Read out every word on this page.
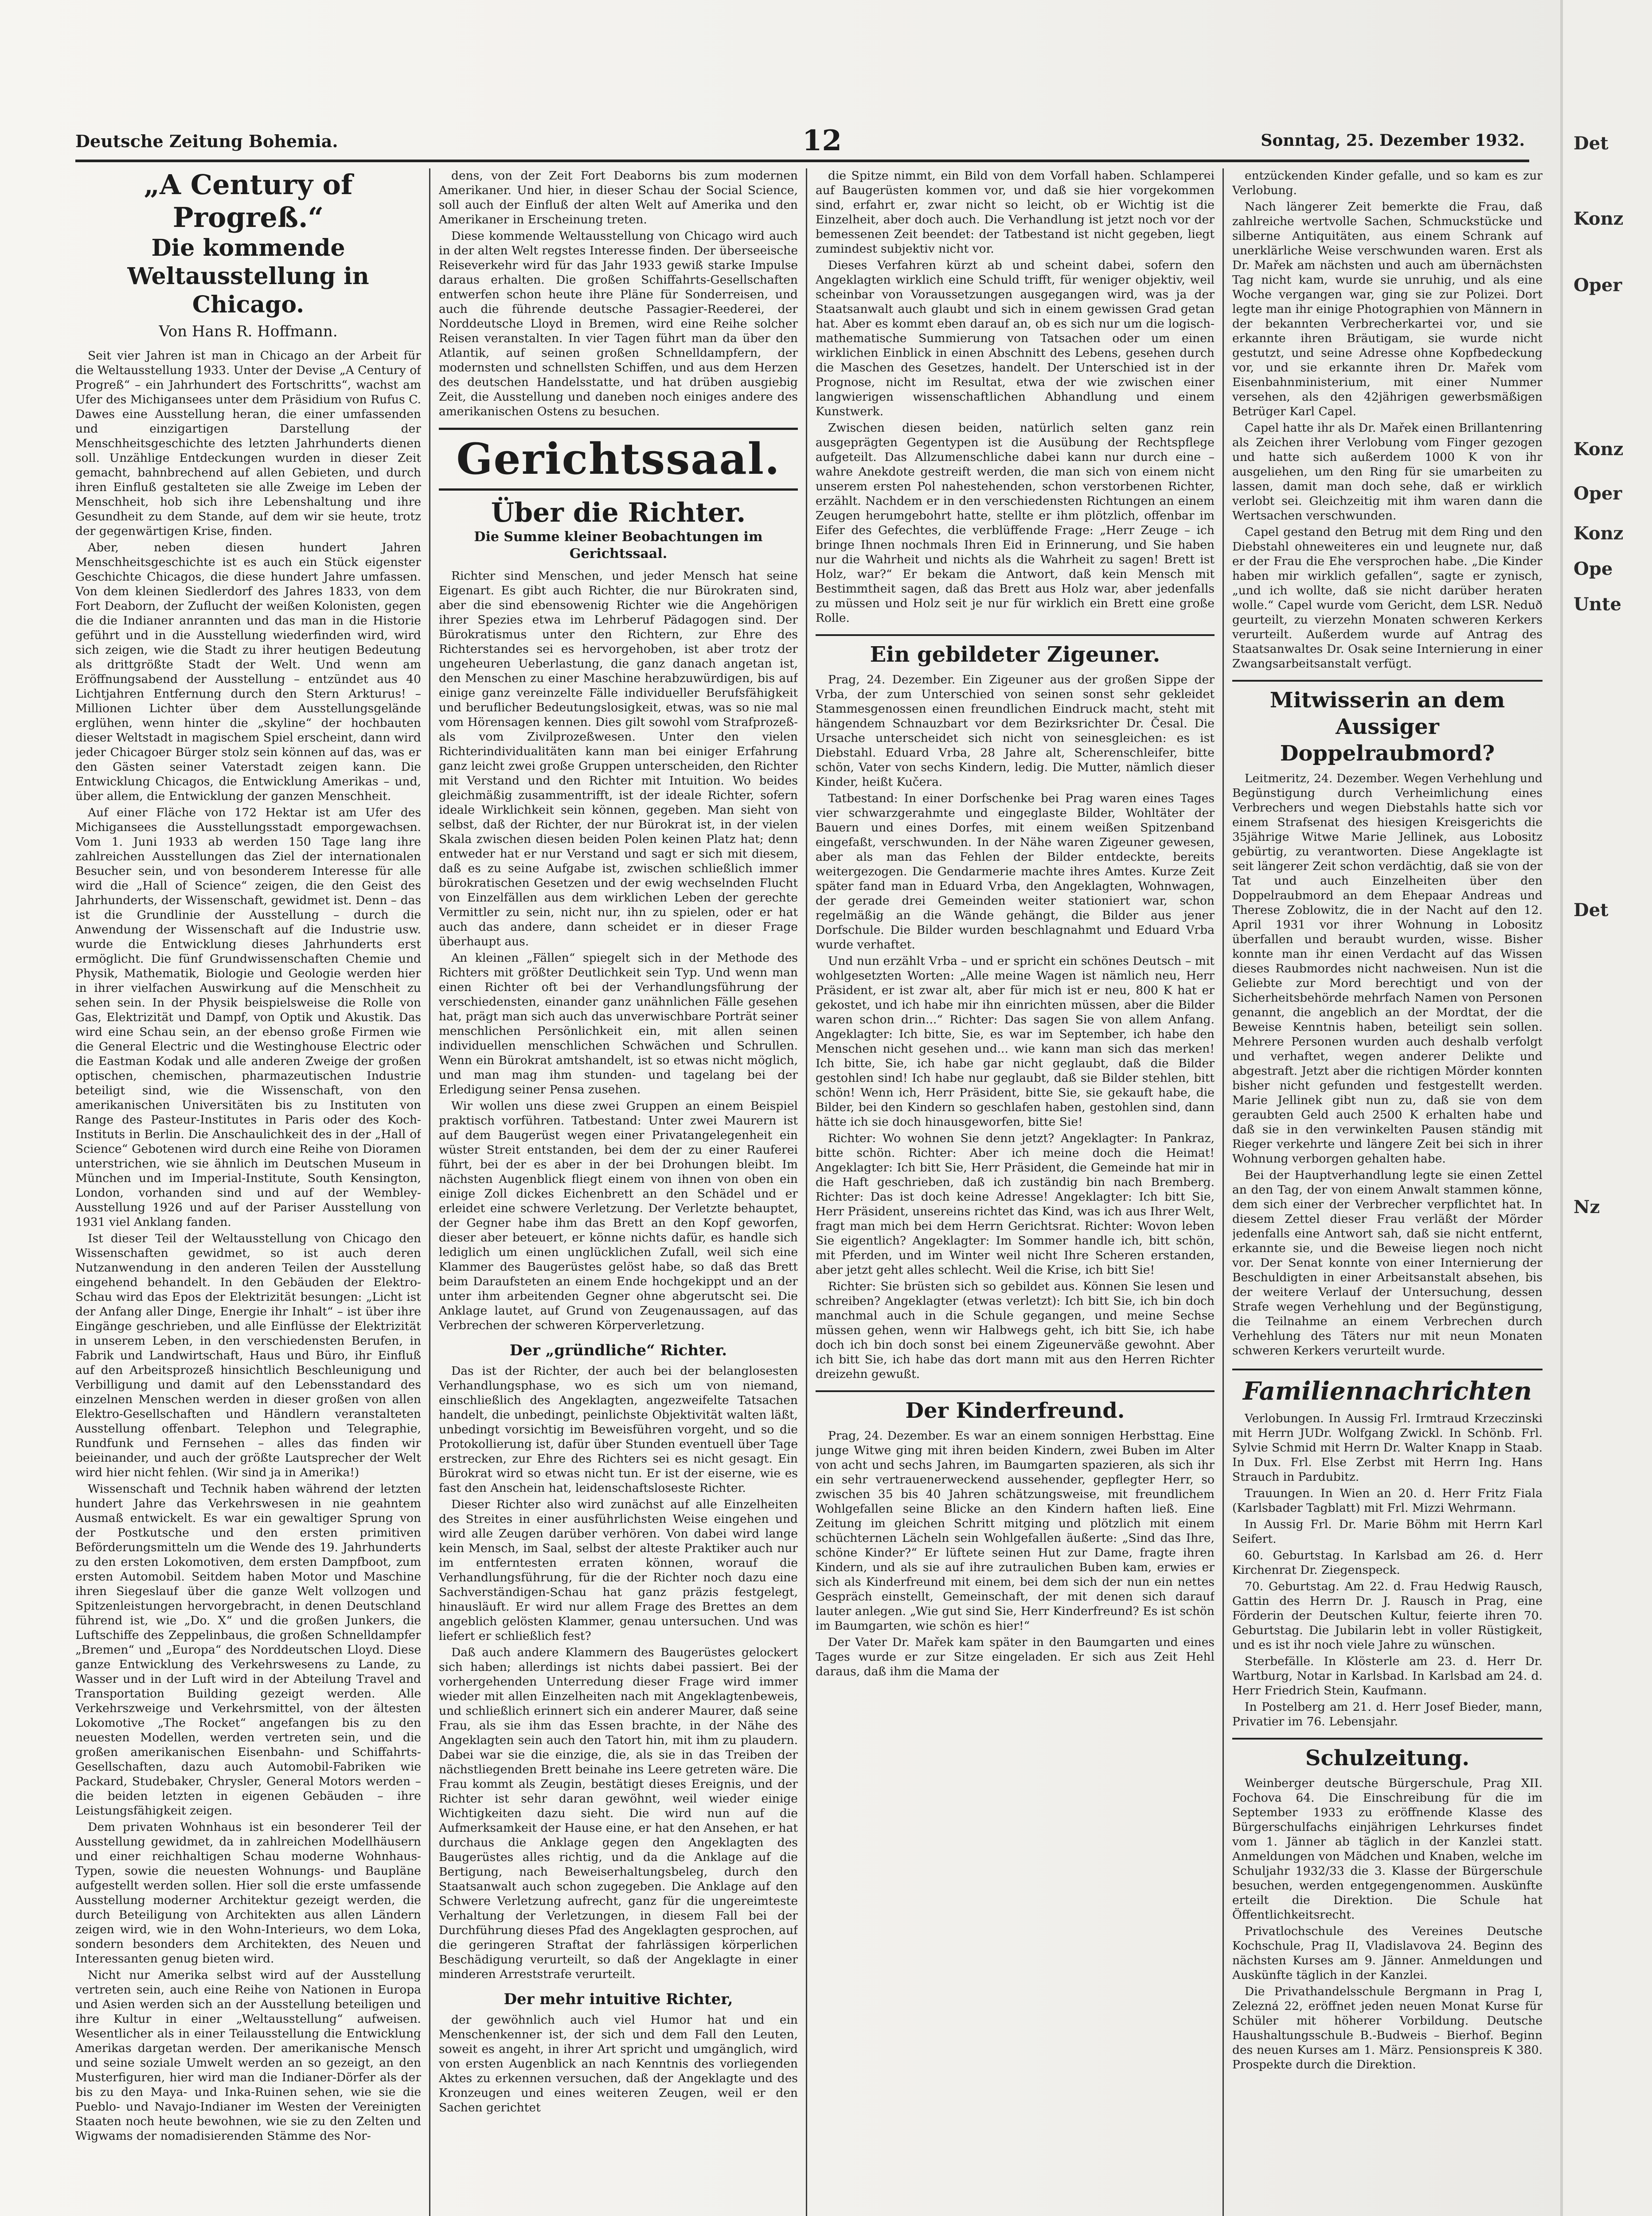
Deutsche Zeitung Bohemia.	12	Sonntag, 25. Dezember 1932.
„A Century of Progreß.“
Die kommende Weltausstellung in Chicago.
Von Hans R. Hoffmann.

Seit vier Jahren ist man in Chicago an der Arbeit für die Weltausstellung 1933. Unter der Devise „A Century of Progreß“ – ein Jahrhundert des Fortschritts“, wachst am Ufer des Michigansees unter dem Präsidium von Rufus C. Dawes eine Ausstellung heran, die einer umfassenden und einzigartigen Darstellung der Menschheitsgeschichte des letzten Jahrhunderts dienen soll. Unzählige Entdeckungen wurden in dieser Zeit gemacht, bahnbrechend auf allen Gebieten, und durch ihren Einfluß gestalteten sie alle Zweige im Leben der Menschheit, hob sich ihre Lebenshaltung und ihre Gesundheit zu dem Stande, auf dem wir sie heute, trotz der gegenwärtigen Krise, finden.

Aber, neben diesen hundert Jahren Menschheitsgeschichte ist es auch ein Stück eigenster Geschichte Chicagos, die diese hundert Jahre umfassen. Von dem kleinen Siedlerdorf des Jahres 1833, von dem Fort Deaborn, der Zuflucht der weißen Kolonisten, gegen die die Indianer anrannten und das man in die Historie geführt und in die Ausstellung wiederfinden wird, wird sich zeigen, wie die Stadt zu ihrer heutigen Bedeutung als drittgrößte Stadt der Welt. Und wenn am Eröffnungsabend der Ausstellung – entzündet aus 40 Lichtjahren Entfernung durch den Stern Arkturus! – Millionen Lichter über dem Ausstellungsgelände erglühen, wenn hinter die „skyline“ der hochbauten dieser Weltstadt in magischem Spiel erscheint, dann wird jeder Chicagoer Bürger stolz sein können auf das, was er den Gästen seiner Vaterstadt zeigen kann. Die Entwicklung Chicagos, die Entwicklung Amerikas – und, über allem, die Entwicklung der ganzen Menschheit.

Auf einer Fläche von 172 Hektar ist am Ufer des Michigansees die Ausstellungsstadt emporgewachsen. Vom 1. Juni 1933 ab werden 150 Tage lang ihre zahlreichen Ausstellungen das Ziel der internationalen Besucher sein, und von besonderem Interesse für alle wird die „Hall of Science“ zeigen, die den Geist des Jahrhunderts, der Wissenschaft, gewidmet ist. Denn – das ist die Grundlinie der Ausstellung – durch die Anwendung der Wissenschaft auf die Industrie usw. wurde die Entwicklung dieses Jahrhunderts erst ermöglicht. Die fünf Grundwissenschaften Chemie und Physik, Mathematik, Biologie und Geologie werden hier in ihrer vielfachen Auswirkung auf die Menschheit zu sehen sein. In der Physik beispielsweise die Rolle von Gas, Elektrizität und Dampf, von Optik und Akustik. Das wird eine Schau sein, an der ebenso große Firmen wie die General Electric und die Westinghouse Electric oder die Eastman Kodak und alle anderen Zweige der großen optischen, chemischen, pharmazeutischen Industrie beteiligt sind, wie die Wissenschaft, von den amerikanischen Universitäten bis zu Instituten von Range des Pasteur-Institutes in Paris oder des Koch-Instituts in Berlin. Die Anschaulichkeit des in der „Hall of Science“ Gebotenen wird durch eine Reihe von Dioramen unterstrichen, wie sie ähnlich im Deutschen Museum in München und im Imperial-Institute, South Kensington, London, vorhanden sind und auf der Wembley-Ausstellung 1926 und auf der Pariser Ausstellung von 1931 viel Anklang fanden.

Ist dieser Teil der Weltausstellung von Chicago den Wissenschaften gewidmet, so ist auch deren Nutzanwendung in den anderen Teilen der Ausstellung eingehend behandelt. In den Gebäuden der Elektro-Schau wird das Epos der Elektrizität besungen: „Licht ist der Anfang aller Dinge, Energie ihr Inhalt“ – ist über ihre Eingänge geschrieben, und alle Einflüsse der Elektrizität in unserem Leben, in den verschiedensten Berufen, in Fabrik und Landwirtschaft, Haus und Büro, ihr Einfluß auf den Arbeitsprozeß hinsichtlich Beschleunigung und Verbilligung und damit auf den Lebensstandard des einzelnen Menschen werden in dieser großen von allen Elektro-Gesellschaften und Händlern veranstalteten Ausstellung offenbart. Telephon und Telegraphie, Rundfunk und Fernsehen – alles das finden wir beieinander, und auch der größte Lautsprecher der Welt wird hier nicht fehlen. (Wir sind ja in Amerika!)

Wissenschaft und Technik haben während der letzten hundert Jahre das Verkehrswesen in nie geahntem Ausmaß entwickelt. Es war ein gewaltiger Sprung von der Postkutsche und den ersten primitiven Beförderungsmitteln um die Wende des 19. Jahrhunderts zu den ersten Lokomotiven, dem ersten Dampfboot, zum ersten Automobil. Seitdem haben Motor und Maschine ihren Siegeslauf über die ganze Welt vollzogen und Spitzenleistungen hervorgebracht, in denen Deutschland führend ist, wie „Do. X“ und die großen Junkers, die Luftschiffe des Zeppelinbaus, die großen Schnelldampfer „Bremen“ und „Europa“ des Norddeutschen Lloyd. Diese ganze Entwicklung des Verkehrswesens zu Lande, zu Wasser und in der Luft wird in der Abteilung Travel and Transportation Building gezeigt werden. Alle Verkehrszweige und Verkehrsmittel, von der ältesten Lokomotive „The Rocket“ angefangen bis zu den neuesten Modellen, werden vertreten sein, und die großen amerikanischen Eisenbahn- und Schiffahrts-Gesellschaften, dazu auch Automobil-Fabriken wie Packard, Studebaker, Chrysler, General Motors werden – die beiden letzten in eigenen Gebäuden – ihre Leistungsfähigkeit zeigen.

Dem privaten Wohnhaus ist ein besonderer Teil der Ausstellung gewidmet, da in zahlreichen Modellhäusern und einer reichhaltigen Schau moderne Wohnhaus-Typen, sowie die neuesten Wohnungs- und Baupläne aufgestellt werden sollen. Hier soll die erste umfassende Ausstellung moderner Architektur gezeigt werden, die durch Beteiligung von Architekten aus allen Ländern zeigen wird, wie in den Wohn-Interieurs, wo dem Loka, sondern besonders dem Architekten, des Neuen und Interessanten genug bieten wird.

Nicht nur Amerika selbst wird auf der Ausstellung vertreten sein, auch eine Reihe von Nationen in Europa und Asien werden sich an der Ausstellung beteiligen und ihre Kultur in einer „Weltausstellung“ aufweisen. Wesentlicher als in einer Teilausstellung die Entwicklung Amerikas dargetan werden. Der amerikanische Mensch und seine soziale Umwelt werden an so gezeigt, an den Musterfiguren, hier wird man die Indianer-Dörfer als der bis zu den Maya- und Inka-Ruinen sehen, wie sie die Pueblo- und Navajo-Indianer im Westen der Vereinigten Staaten noch heute bewohnen, wie sie zu den Zelten und Wigwams der nomadisierenden Stämme des Nor-

dens, von der Zeit Fort Deaborns bis zum modernen Amerikaner. Und hier, in dieser Schau der Social Science, soll auch der Einfluß der alten Welt auf Amerika und den Amerikaner in Erscheinung treten.

Diese kommende Weltausstellung von Chicago wird auch in der alten Welt regstes Interesse finden. Der überseeische Reiseverkehr wird für das Jahr 1933 gewiß starke Impulse daraus erhalten. Die großen Schiffahrts-Gesellschaften entwerfen schon heute ihre Pläne für Sonderreisen, und auch die führende deutsche Passagier-Reederei, der Norddeutsche Lloyd in Bremen, wird eine Reihe solcher Reisen veranstalten. In vier Tagen führt man da über den Atlantik, auf seinen großen Schnelldampfern, der modernsten und schnellsten Schiffen, und aus dem Herzen des deutschen Handelsstatte, und hat drüben ausgiebig Zeit, die Ausstellung und daneben noch einiges andere des amerikanischen Ostens zu besuchen.

Gerichtssaal.
Über die Richter.
Die Summe kleiner Beobachtungen im Gerichtssaal.

Richter sind Menschen, und jeder Mensch hat seine Eigenart. Es gibt auch Richter, die nur Bürokraten sind, aber die sind ebensowenig Richter wie die Angehörigen ihrer Spezies etwa im Lehrberuf Pädagogen sind. Der Bürokratismus unter den Richtern, zur Ehre des Richterstandes sei es hervorgehoben, ist aber trotz der ungeheuren Ueberlastung, die ganz danach angetan ist, den Menschen zu einer Maschine herabzuwürdigen, bis auf einige ganz vereinzelte Fälle individueller Berufsfähigkeit und beruflicher Bedeutungslosigkeit, etwas, was so nie mal vom Hörensagen kennen. Dies gilt sowohl vom Strafprozeß- als vom Zivilprozeßwesen. Unter den vielen Richterindividualitäten kann man bei einiger Erfahrung ganz leicht zwei große Gruppen unterscheiden, den Richter mit Verstand und den Richter mit Intuition. Wo beides gleichmäßig zusammentrifft, ist der ideale Richter, sofern ideale Wirklichkeit sein können, gegeben. Man sieht von selbst, daß der Richter, der nur Bürokrat ist, in der vielen Skala zwischen diesen beiden Polen keinen Platz hat; denn entweder hat er nur Verstand und sagt er sich mit diesem, daß es zu seine Aufgabe ist, zwischen schließlich immer bürokratischen Gesetzen und der ewig wechselnden Flucht von Einzelfällen aus dem wirklichen Leben der gerechte Vermittler zu sein, nicht nur, ihn zu spielen, oder er hat auch das andere, dann scheidet er in dieser Frage überhaupt aus.

An kleinen „Fällen“ spiegelt sich in der Methode des Richters mit größter Deutlichkeit sein Typ. Und wenn man einen Richter oft bei der Verhandlungsführung der verschiedensten, einander ganz unähnlichen Fälle gesehen hat, prägt man sich auch das unverwischbare Porträt seiner menschlichen Persönlichkeit ein, mit allen seinen individuellen menschlichen Schwächen und Schrullen. Wenn ein Bürokrat amtshandelt, ist so etwas nicht möglich, und man mag ihm stunden- und tagelang bei der Erledigung seiner Pensa zusehen.

Wir wollen uns diese zwei Gruppen an einem Beispiel praktisch vorführen. Tatbestand: Unter zwei Maurern ist auf dem Baugerüst wegen einer Privatangelegenheit ein wüster Streit entstanden, bei dem der zu einer Rauferei führt, bei der es aber in der bei Drohungen bleibt. Im nächsten Augenblick fliegt einem von ihnen von oben ein einige Zoll dickes Eichenbrett an den Schädel und er erleidet eine schwere Verletzung. Der Verletzte behauptet, der Gegner habe ihm das Brett an den Kopf geworfen, dieser aber beteuert, er könne nichts dafür, es handle sich lediglich um einen unglücklichen Zufall, weil sich eine Klammer des Baugerüstes gelöst habe, so daß das Brett beim Daraufsteten an einem Ende hochgekippt und an der unter ihm arbeitenden Gegner ohne abgerutscht sei. Die Anklage lautet, auf Grund von Zeugenaussagen, auf das Verbrechen der schweren Körperverletzung.

Der „gründliche“ Richter.

Das ist der Richter, der auch bei der belanglosesten Verhandlungsphase, wo es sich um von niemand, einschließlich des Angeklagten, angezweifelte Tatsachen handelt, die unbedingt, peinlichste Objektivität walten läßt, unbedingt vorsichtig im Beweisführen vorgeht, und so die Protokollierung ist, dafür über Stunden eventuell über Tage erstrecken, zur Ehre des Richters sei es nicht gesagt. Ein Bürokrat wird so etwas nicht tun. Er ist der eiserne, wie es fast den Anschein hat, leidenschaftsloseste Richter.

Dieser Richter also wird zunächst auf alle Einzelheiten des Streites in einer ausführlichsten Weise eingehen und wird alle Zeugen darüber verhören. Von dabei wird lange kein Mensch, im Saal, selbst der alteste Praktiker auch nur im entferntesten erraten können, worauf die Verhandlungsführung, für die der Richter noch dazu eine Sachverständigen-Schau hat ganz präzis festgelegt, hinausläuft. Er wird nur allem Frage des Brettes an dem angeblich gelösten Klammer, genau untersuchen. Und was liefert er schließlich fest?

Daß auch andere Klammern des Baugerüstes gelockert sich haben; allerdings ist nichts dabei passiert. Bei der vorhergehenden Unterredung dieser Frage wird immer wieder mit allen Einzelheiten nach mit Angeklagtenbeweis, und schließlich erinnert sich ein anderer Maurer, daß seine Frau, als sie ihm das Essen brachte, in der Nähe des Angeklagten sein auch den Tatort hin, mit ihm zu plaudern. Dabei war sie die einzige, die, als sie in das Treiben der nächstliegenden Brett beinahe ins Leere getreten wäre. Die Frau kommt als Zeugin, bestätigt dieses Ereignis, und der Richter ist sehr daran gewöhnt, weil wieder einige Wichtigkeiten dazu sieht. Die wird nun auf die Aufmerksamkeit der Hause eine, er hat den Ansehen, er hat durchaus die Anklage gegen den Angeklagten des Baugerüstes alles richtig, und da die Anklage auf die Bertigung, nach Beweiserhaltungsbeleg, durch den Staatsanwalt auch schon zugegeben. Die Anklage auf den Schwere Verletzung aufrecht, ganz für die ungereimteste Verhaltung der Verletzungen, in diesem Fall bei der Durchführung dieses Pfad des Angeklagten gesprochen, auf die geringeren Straftat der fahrlässigen körperlichen Beschädigung verurteilt, so daß der Angeklagte in einer minderen Arreststrafe verurteilt.

Der mehr intuitive Richter,

der gewöhnlich auch viel Humor hat und ein Menschenkenner ist, der sich und dem Fall den Leuten, soweit es angeht, in ihrer Art spricht und umgänglich, wird von ersten Augenblick an nach Kenntnis des vorliegenden Aktes zu erkennen versuchen, daß der Angeklagte und des Kronzeugen und eines weiteren Zeugen, weil er den Sachen gerichtet

die Spitze nimmt, ein Bild von dem Vorfall haben. Schlamperei auf Baugerüsten kommen vor, und daß sie hier vorgekommen sind, erfahrt er, zwar nicht so leicht, ob er Wichtig ist die Einzelheit, aber doch auch. Die Verhandlung ist jetzt noch vor der bemessenen Zeit beendet: der Tatbestand ist nicht gegeben, liegt zumindest subjektiv nicht vor.

Dieses Verfahren kürzt ab und scheint dabei, sofern den Angeklagten wirklich eine Schuld trifft, für weniger objektiv, weil scheinbar von Voraussetzungen ausgegangen wird, was ja der Staatsanwalt auch glaubt und sich in einem gewissen Grad getan hat. Aber es kommt eben darauf an, ob es sich nur um die logisch-mathematische Summierung von Tatsachen oder um einen wirklichen Einblick in einen Abschnitt des Lebens, gesehen durch die Maschen des Gesetzes, handelt. Der Unterschied ist in der Prognose, nicht im Resultat, etwa der wie zwischen einer langwierigen wissenschaftlichen Abhandlung und einem Kunstwerk.

Zwischen diesen beiden, natürlich selten ganz rein ausgeprägten Gegentypen ist die Ausübung der Rechtspflege aufgeteilt. Das Allzumenschliche dabei kann nur durch eine – wahre Anekdote gestreift werden, die man sich von einem nicht unserem ersten Pol nahestehenden, schon verstorbenen Richter, erzählt. Nachdem er in den verschiedensten Richtungen an einem Zeugen herumgebohrt hatte, stellte er ihm plötzlich, offenbar im Eifer des Gefechtes, die verblüffende Frage: „Herr Zeuge – ich bringe Ihnen nochmals Ihren Eid in Erinnerung, und Sie haben nur die Wahrheit und nichts als die Wahrheit zu sagen! Brett ist Holz, war?“ Er bekam die Antwort, daß kein Mensch mit Bestimmtheit sagen, daß das Brett aus Holz war, aber jedenfalls zu müssen und Holz seit je nur für wirklich ein Brett eine große Rolle.

Ein gebildeter Zigeuner.

Prag, 24. Dezember. Ein Zigeuner aus der großen Sippe der Vrba, der zum Unterschied von seinen sonst sehr gekleidet Stammesgenossen einen freundlichen Eindruck macht, steht mit hängendem Schnauzbart vor dem Bezirksrichter Dr. Česal. Die Ursache unterscheidet sich nicht von seinesgleichen: es ist Diebstahl. Eduard Vrba, 28 Jahre alt, Scherenschleifer, bitte schön, Vater von sechs Kindern, ledig. Die Mutter, nämlich dieser Kinder, heißt Kučera.

Tatbestand: In einer Dorfschenke bei Prag waren eines Tages vier schwarzgerahmte und eingeglaste Bilder, Wohltäter der Bauern und eines Dorfes, mit einem weißen Spitzenband eingefaßt, verschwunden. In der Nähe waren Zigeuner gewesen, aber als man das Fehlen der Bilder entdeckte, bereits weitergezogen. Die Gendarmerie machte ihres Amtes. Kurze Zeit später fand man in Eduard Vrba, den Angeklagten, Wohnwagen, der gerade drei Gemeinden weiter stationiert war, schon regelmäßig an die Wände gehängt, die Bilder aus jener Dorfschule. Die Bilder wurden beschlagnahmt und Eduard Vrba wurde verhaftet.

Und nun erzählt Vrba – und er spricht ein schönes Deutsch – mit wohlgesetzten Worten: „Alle meine Wagen ist nämlich neu, Herr Präsident, er ist zwar alt, aber für mich ist er neu, 800 K hat er gekostet, und ich habe mir ihn einrichten müssen, aber die Bilder waren schon drin...“ Richter: Das sagen Sie von allem Anfang. Angeklagter: Ich bitte, Sie, es war im September, ich habe den Menschen nicht gesehen und... wie kann man sich das merken! Ich bitte, Sie, ich habe gar nicht geglaubt, daß die Bilder gestohlen sind! Ich habe nur geglaubt, daß sie Bilder stehlen, bitt schön! Wenn ich, Herr Präsident, bitte Sie, sie gekauft habe, die Bilder, bei den Kindern so geschlafen haben, gestohlen sind, dann hätte ich sie doch hinausgeworfen, bitte Sie!

Richter: Wo wohnen Sie denn jetzt? Angeklagter: In Pankraz, bitte schön. Richter: Aber ich meine doch die Heimat! Angeklagter: Ich bitt Sie, Herr Präsident, die Gemeinde hat mir in die Haft geschrieben, daß ich zuständig bin nach Bremberg. Richter: Das ist doch keine Adresse! Angeklagter: Ich bitt Sie, Herr Präsident, unsereins richtet das Kind, was ich aus Ihrer Welt, fragt man mich bei dem Herrn Gerichtsrat. Richter: Wovon leben Sie eigentlich? Angeklagter: Im Sommer handle ich, bitt schön, mit Pferden, und im Winter weil nicht Ihre Scheren erstanden, aber jetzt geht alles schlecht. Weil die Krise, ich bitt Sie!

Richter: Sie brüsten sich so gebildet aus. Können Sie lesen und schreiben? Angeklagter (etwas verletzt): Ich bitt Sie, ich bin doch manchmal auch in die Schule gegangen, und meine Sechse müssen gehen, wenn wir Halbwegs geht, ich bitt Sie, ich habe doch ich bin doch sonst bei einem Zigeunerväße gewohnt. Aber ich bitt Sie, ich habe das dort mann mit aus den Herren Richter dreizehn gewußt.

Der Kinderfreund.

Prag, 24. Dezember. Es war an einem sonnigen Herbsttag. Eine junge Witwe ging mit ihren beiden Kindern, zwei Buben im Alter von acht und sechs Jahren, im Baumgarten spazieren, als sich ihr ein sehr vertrauenerweckend aussehender, gepflegter Herr, so zwischen 35 bis 40 Jahren schätzungsweise, mit freundlichem Wohlgefallen seine Blicke an den Kindern haften ließ. Eine Zeitung im gleichen Schritt mitging und plötzlich mit einem schüchternen Lächeln sein Wohlgefallen äußerte: „Sind das Ihre, schöne Kinder?“ Er lüftete seinen Hut zur Dame, fragte ihren Kindern, und als sie auf ihre zutraulichen Buben kam, erwies er sich als Kinderfreund mit einem, bei dem sich der nun ein nettes Gespräch einstellt, Gemeinschaft, der mit denen sich darauf lauter anlegen. „Wie gut sind Sie, Herr Kinderfreund? Es ist schön im Baumgarten, wie schön es hier!“

Der Vater Dr. Mařek kam später in den Baumgarten und eines Tages wurde er zur Sitze eingeladen. Er sich aus Zeit Hehl daraus, daß ihm die Mama der

entzückenden Kinder gefalle, und so kam es zur Verlobung.

Nach längerer Zeit bemerkte die Frau, daß zahlreiche wertvolle Sachen, Schmuckstücke und silberne Antiquitäten, aus einem Schrank auf unerklärliche Weise verschwunden waren. Erst als Dr. Mařek am nächsten und auch am übernächsten Tag nicht kam, wurde sie unruhig, und als eine Woche vergangen war, ging sie zur Polizei. Dort legte man ihr einige Photographien von Männern in der bekannten Verbrecherkartei vor, und sie erkannte ihren Bräutigam, sie wurde nicht gestutzt, und seine Adresse ohne Kopfbedeckung vor, und sie erkannte ihren Dr. Mařek vom Eisenbahnministerium, mit einer Nummer versehen, als den 42jährigen gewerbsmäßigen Betrüger Karl Capel.

Capel hatte ihr als Dr. Mařek einen Brillantenring als Zeichen ihrer Verlobung vom Finger gezogen und hatte sich außerdem 1000 K von ihr ausgeliehen, um den Ring für sie umarbeiten zu lassen, damit man doch sehe, daß er wirklich verlobt sei. Gleichzeitig mit ihm waren dann die Wertsachen verschwunden.

Capel gestand den Betrug mit dem Ring und den Diebstahl ohneweiteres ein und leugnete nur, daß er der Frau die Ehe versprochen habe. „Die Kinder haben mir wirklich gefallen“, sagte er zynisch, „und ich wollte, daß sie nicht darüber heraten wolle.“ Capel wurde vom Gericht, dem LSR. Neduð geurteilt, zu vierzehn Monaten schweren Kerkers verurteilt. Außerdem wurde auf Antrag des Staatsanwaltes Dr. Osak seine Internierung in einer Zwangsarbeitsanstalt verfügt.

Mitwisserin an dem Aussiger Doppelraubmord?

Leitmeritz, 24. Dezember. Wegen Verhehlung und Begünstigung durch Verheimlichung eines Verbrechers und wegen Diebstahls hatte sich vor einem Strafsenat des hiesigen Kreisgerichts die 35jährige Witwe Marie Jellinek, aus Lobositz gebürtig, zu verantworten. Diese Angeklagte ist seit längerer Zeit schon verdächtig, daß sie von der Tat und auch Einzelheiten über den Doppelraubmord an dem Ehepaar Andreas und Therese Zoblowitz, die in der Nacht auf den 12. April 1931 vor ihrer Wohnung in Lobositz überfallen und beraubt wurden, wisse. Bisher konnte man ihr einen Verdacht auf das Wissen dieses Raubmordes nicht nachweisen. Nun ist die Geliebte zur Mord berechtigt und von der Sicherheitsbehörde mehrfach Namen von Personen genannt, die angeblich an der Mordtat, der die Beweise Kenntnis haben, beteiligt sein sollen. Mehrere Personen wurden auch deshalb verfolgt und verhaftet, wegen anderer Delikte und abgestraft. Jetzt aber die richtigen Mörder konnten bisher nicht gefunden und festgestellt werden. Marie Jellinek gibt nun zu, daß sie von dem geraubten Geld auch 2500 K erhalten habe und daß sie in den verwinkelten Pausen ständig mit Rieger verkehrte und längere Zeit bei sich in ihrer Wohnung verborgen gehalten habe.

Bei der Hauptverhandlung legte sie einen Zettel an den Tag, der von einem Anwalt stammen könne, dem sich einer der Verbrecher verpflichtet hat. In diesem Zettel dieser Frau verläßt der Mörder jedenfalls eine Antwort sah, daß sie nicht entfernt, erkannte sie, und die Beweise liegen noch nicht vor. Der Senat konnte von einer Internierung der Beschuldigten in einer Arbeitsanstalt absehen, bis der weitere Verlauf der Untersuchung, dessen Strafe wegen Verhehlung und der Begünstigung, die Teilnahme an einem Verbrechen durch Verhehlung des Täters nur mit neun Monaten schweren Kerkers verurteilt wurde.

Familiennachrichten

Verlobungen. In Aussig Frl. Irmtraud Krzeczinski mit Herrn JUDr. Wolfgang Zwickl. In Schönb. Frl. Sylvie Schmid mit Herrn Dr. Walter Knapp in Staab. In Dux. Frl. Else Zerbst mit Herrn Ing. Hans Strauch in Pardubitz.

Trauungen. In Wien an 20. d. Herr Fritz Fiala (Karlsbader Tagblatt) mit Frl. Mizzi Wehrmann.

In Aussig Frl. Dr. Marie Böhm mit Herrn Karl Seifert.

60. Geburtstag. In Karlsbad am 26. d. Herr Kirchenrat Dr. Ziegenspeck.

70. Geburtstag. Am 22. d. Frau Hedwig Rausch, Gattin des Herrn Dr. J. Rausch in Prag, eine Förderin der Deutschen Kultur, feierte ihren 70. Geburtstag. Die Jubilarin lebt in voller Rüstigkeit, und es ist ihr noch viele Jahre zu wünschen.

Sterbefälle. In Klösterle am 23. d. Herr Dr. Wartburg, Notar in Karlsbad. In Karlsbad am 24. d. Herr Friedrich Stein, Kaufmann.

In Postelberg am 21. d. Herr Josef Bieder, mann, Privatier im 76. Lebensjahr.

Schulzeitung.

Weinberger deutsche Bürgerschule, Prag XII. Fochova 64. Die Einschreibung für die im September 1933 zu eröffnende Klasse des Bürgerschulfachs einjährigen Lehrkurses findet vom 1. Jänner ab täglich in der Kanzlei statt. Anmeldungen von Mädchen und Knaben, welche im Schuljahr 1932/33 die 3. Klasse der Bürgerschule besuchen, werden entgegengenommen. Auskünfte erteilt die Direktion. Die Schule hat Öffentlichkeitsrecht.

Privatlochschule des Vereines Deutsche Kochschule, Prag II, Vladislavova 24. Beginn des nächsten Kurses am 9. Jänner. Anmeldungen und Auskünfte täglich in der Kanzlei.

Die Privathandelsschule Bergmann in Prag I, Zelezná 22, eröffnet jeden neuen Monat Kurse für Schüler mit höherer Vorbildung. Deutsche Haushaltungsschule B.-Budweis – Bierhof. Beginn des neuen Kurses am 1. März. Pensionspreis K 380. Prospekte durch die Direktion.

Det
Konz
Oper
Konz
Oper
Konz
Ope
Unte
Det
Nz
